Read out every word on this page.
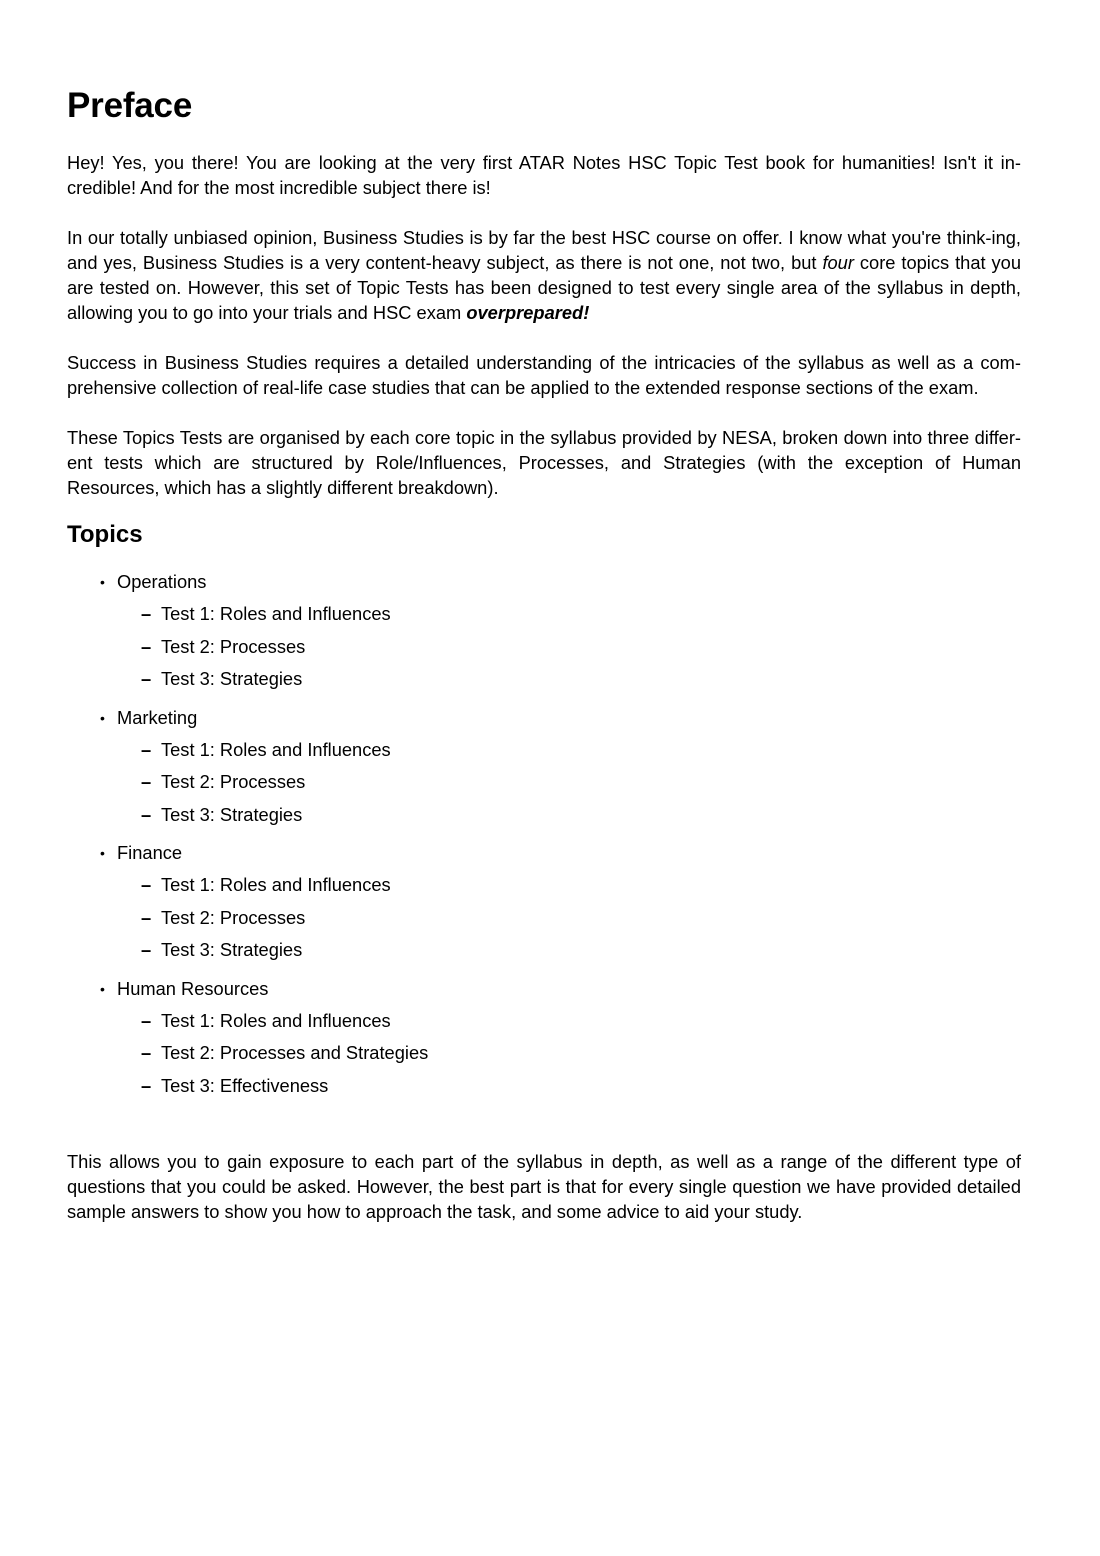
Preface

Hey! Yes, you there! You are looking at the very first ATAR Notes HSC Topic Test book for humanities! Isn't it in-credible! And for the most incredible subject there is!

In our totally unbiased opinion, Business Studies is by far the best HSC course on offer. I know what you're think-ing, and yes, Business Studies is a very content-heavy subject, as there is not one, not two, but four core topics that you are tested on. However, this set of Topic Tests has been designed to test every single area of the syllabus in depth, allowing you to go into your trials and HSC exam overprepared!

Success in Business Studies requires a detailed understanding of the intricacies of the syllabus as well as a com-prehensive collection of real-life case studies that can be applied to the extended response sections of the exam.

These Topics Tests are organised by each core topic in the syllabus provided by NESA, broken down into three differ-ent tests which are structured by Role/Influences, Processes, and Strategies (with the exception of Human Resources, which has a slightly different breakdown).

Topics
• Operations
– Test 1: Roles and Influences
– Test 2: Processes
– Test 3: Strategies
• Marketing
– Test 1: Roles and Influences
– Test 2: Processes
– Test 3: Strategies
• Finance
– Test 1: Roles and Influences
– Test 2: Processes
– Test 3: Strategies
• Human Resources
– Test 1: Roles and Influences
– Test 2: Processes and Strategies
– Test 3: Effectiveness

This allows you to gain exposure to each part of the syllabus in depth, as well as a range of the different type of questions that you could be asked. However, the best part is that for every single question we have provided detailed sample answers to show you how to approach the task, and some advice to aid your study.
